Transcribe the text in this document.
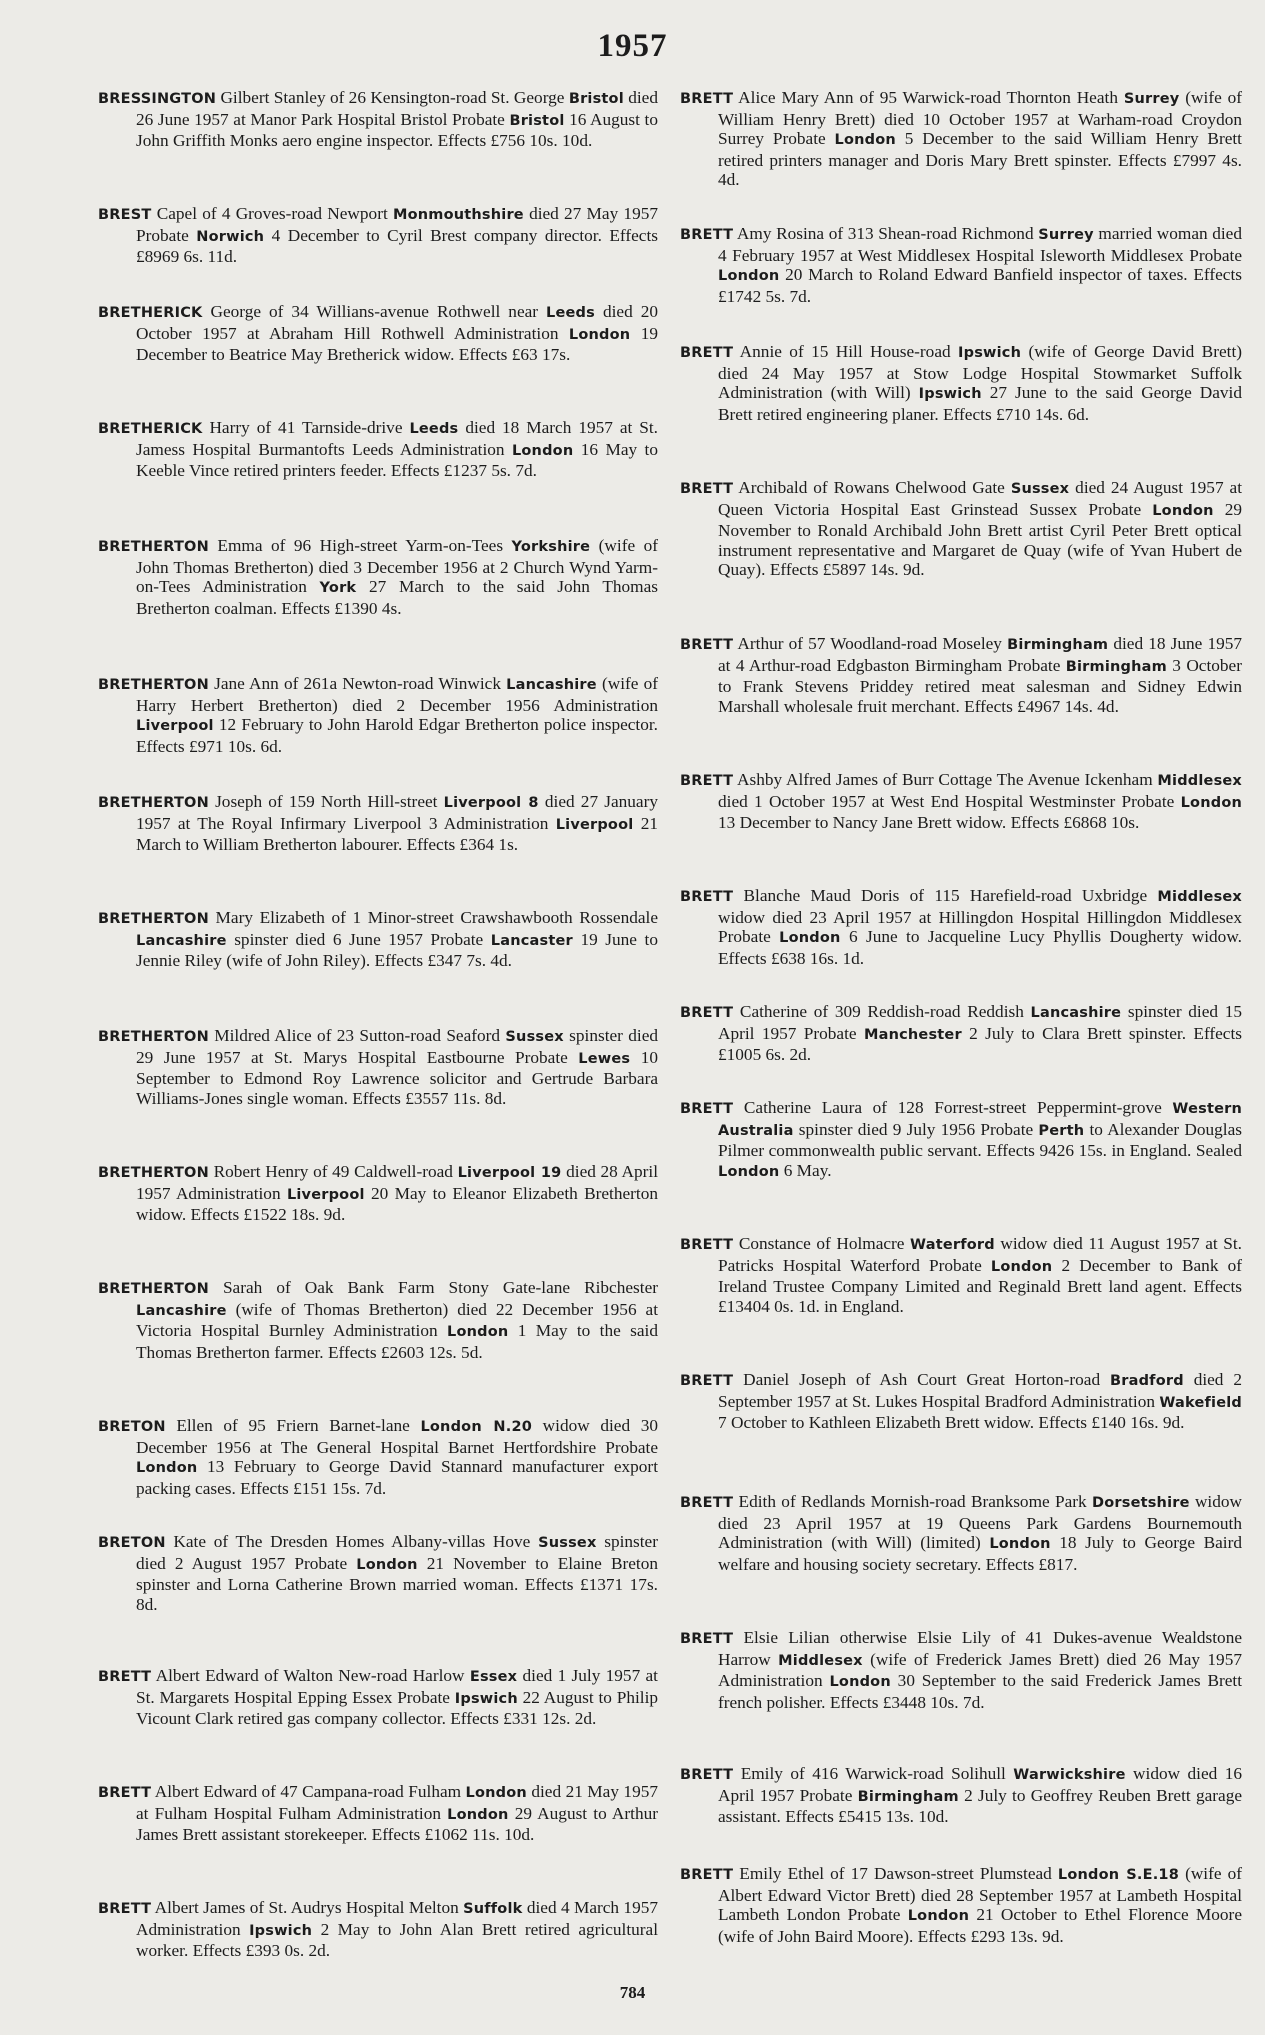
1957
BRESSINGTON Gilbert Stanley of 26 Kensington-road St. George Bristol died 26 June 1957 at Manor Park Hospital Bristol Probate Bristol 16 August to John Griffith Monks aero engine inspector. Effects £756 10s. 10d.
BREST Capel of 4 Groves-road Newport Monmouthshire died 27 May 1957 Probate Norwich 4 December to Cyril Brest company director. Effects £8969 6s. 11d.
BRETHERICK George of 34 Willians-avenue Rothwell near Leeds died 20 October 1957 at Abraham Hill Rothwell Administration London 19 December to Beatrice May Bretherick widow. Effects £63 17s.
BRETHERICK Harry of 41 Tarnside-drive Leeds died 18 March 1957 at St. Jamess Hospital Burmantofts Leeds Administration London 16 May to Keeble Vince retired printers feeder. Effects £1237 5s. 7d.
BRETHERTON Emma of 96 High-street Yarm-on-Tees Yorkshire (wife of John Thomas Bretherton) died 3 December 1956 at 2 Church Wynd Yarm-on-Tees Administration York 27 March to the said John Thomas Bretherton coalman. Effects £1390 4s.
BRETHERTON Jane Ann of 261a Newton-road Winwick Lancashire (wife of Harry Herbert Bretherton) died 2 December 1956 Administration Liverpool 12 February to John Harold Edgar Bretherton police inspector. Effects £971 10s. 6d.
BRETHERTON Joseph of 159 North Hill-street Liverpool 8 died 27 January 1957 at The Royal Infirmary Liverpool 3 Administration Liverpool 21 March to William Bretherton labourer. Effects £364 1s.
BRETHERTON Mary Elizabeth of 1 Minor-street Crawshawbooth Rossendale Lancashire spinster died 6 June 1957 Probate Lancaster 19 June to Jennie Riley (wife of John Riley). Effects £347 7s. 4d.
BRETHERTON Mildred Alice of 23 Sutton-road Seaford Sussex spinster died 29 June 1957 at St. Marys Hospital Eastbourne Probate Lewes 10 September to Edmond Roy Lawrence solicitor and Gertrude Barbara Williams-Jones single woman. Effects £3557 11s. 8d.
BRETHERTON Robert Henry of 49 Caldwell-road Liverpool 19 died 28 April 1957 Administration Liverpool 20 May to Eleanor Elizabeth Bretherton widow. Effects £1522 18s. 9d.
BRETHERTON Sarah of Oak Bank Farm Stony Gate-lane Ribchester Lancashire (wife of Thomas Bretherton) died 22 December 1956 at Victoria Hospital Burnley Administration London 1 May to the said Thomas Bretherton farmer. Effects £2603 12s. 5d.
BRETON Ellen of 95 Friern Barnet-lane London N.20 widow died 30 December 1956 at The General Hospital Barnet Hertfordshire Probate London 13 February to George David Stannard manufacturer export packing cases. Effects £151 15s. 7d.
BRETON Kate of The Dresden Homes Albany-villas Hove Sussex spinster died 2 August 1957 Probate London 21 November to Elaine Breton spinster and Lorna Catherine Brown married woman. Effects £1371 17s. 8d.
BRETT Albert Edward of Walton New-road Harlow Essex died 1 July 1957 at St. Margarets Hospital Epping Essex Probate Ipswich 22 August to Philip Vicount Clark retired gas company collector. Effects £331 12s. 2d.
BRETT Albert Edward of 47 Campana-road Fulham London died 21 May 1957 at Fulham Hospital Fulham Administration London 29 August to Arthur James Brett assistant storekeeper. Effects £1062 11s. 10d.
BRETT Albert James of St. Audrys Hospital Melton Suffolk died 4 March 1957 Administration Ipswich 2 May to John Alan Brett retired agricultural worker. Effects £393 0s. 2d.
BRETT Alice Mary Ann of 95 Warwick-road Thornton Heath Surrey (wife of William Henry Brett) died 10 October 1957 at Warham-road Croydon Surrey Probate London 5 December to the said William Henry Brett retired printers manager and Doris Mary Brett spinster. Effects £7997 4s. 4d.
BRETT Amy Rosina of 313 Shean-road Richmond Surrey married woman died 4 February 1957 at West Middlesex Hospital Isleworth Middlesex Probate London 20 March to Roland Edward Banfield inspector of taxes. Effects £1742 5s. 7d.
BRETT Annie of 15 Hill House-road Ipswich (wife of George David Brett) died 24 May 1957 at Stow Lodge Hospital Stowmarket Suffolk Administration (with Will) Ipswich 27 June to the said George David Brett retired engineering planer. Effects £710 14s. 6d.
BRETT Archibald of Rowans Chelwood Gate Sussex died 24 August 1957 at Queen Victoria Hospital East Grinstead Sussex Probate London 29 November to Ronald Archibald John Brett artist Cyril Peter Brett optical instrument representative and Margaret de Quay (wife of Yvan Hubert de Quay). Effects £5897 14s. 9d.
BRETT Arthur of 57 Woodland-road Moseley Birmingham died 18 June 1957 at 4 Arthur-road Edgbaston Birmingham Probate Birmingham 3 October to Frank Stevens Priddey retired meat salesman and Sidney Edwin Marshall wholesale fruit merchant. Effects £4967 14s. 4d.
BRETT Ashby Alfred James of Burr Cottage The Avenue Ickenham Middlesex died 1 October 1957 at West End Hospital Westminster Probate London 13 December to Nancy Jane Brett widow. Effects £6868 10s.
BRETT Blanche Maud Doris of 115 Harefield-road Uxbridge Middlesex widow died 23 April 1957 at Hillingdon Hospital Hillingdon Middlesex Probate London 6 June to Jacqueline Lucy Phyllis Dougherty widow. Effects £638 16s. 1d.
BRETT Catherine of 309 Reddish-road Reddish Lancashire spinster died 15 April 1957 Probate Manchester 2 July to Clara Brett spinster. Effects £1005 6s. 2d.
BRETT Catherine Laura of 128 Forrest-street Peppermint-grove Western Australia spinster died 9 July 1956 Probate Perth to Alexander Douglas Pilmer commonwealth public servant. Effects 9426 15s. in England. Sealed London 6 May.
BRETT Constance of Holmacre Waterford widow died 11 August 1957 at St. Patricks Hospital Waterford Probate London 2 December to Bank of Ireland Trustee Company Limited and Reginald Brett land agent. Effects £13404 0s. 1d. in England.
BRETT Daniel Joseph of Ash Court Great Horton-road Bradford died 2 September 1957 at St. Lukes Hospital Bradford Administration Wakefield 7 October to Kathleen Elizabeth Brett widow. Effects £140 16s. 9d.
BRETT Edith of Redlands Mornish-road Branksome Park Dorsetshire widow died 23 April 1957 at 19 Queens Park Gardens Bournemouth Administration (with Will) (limited) London 18 July to George Baird welfare and housing society secretary. Effects £817.
BRETT Elsie Lilian otherwise Elsie Lily of 41 Dukes-avenue Wealdstone Harrow Middlesex (wife of Frederick James Brett) died 26 May 1957 Administration London 30 September to the said Frederick James Brett french polisher. Effects £3448 10s. 7d.
BRETT Emily of 416 Warwick-road Solihull Warwickshire widow died 16 April 1957 Probate Birmingham 2 July to Geoffrey Reuben Brett garage assistant. Effects £5415 13s. 10d.
BRETT Emily Ethel of 17 Dawson-street Plumstead London S.E.18 (wife of Albert Edward Victor Brett) died 28 September 1957 at Lambeth Hospital Lambeth London Probate London 21 October to Ethel Florence Moore (wife of John Baird Moore). Effects £293 13s. 9d.
784
